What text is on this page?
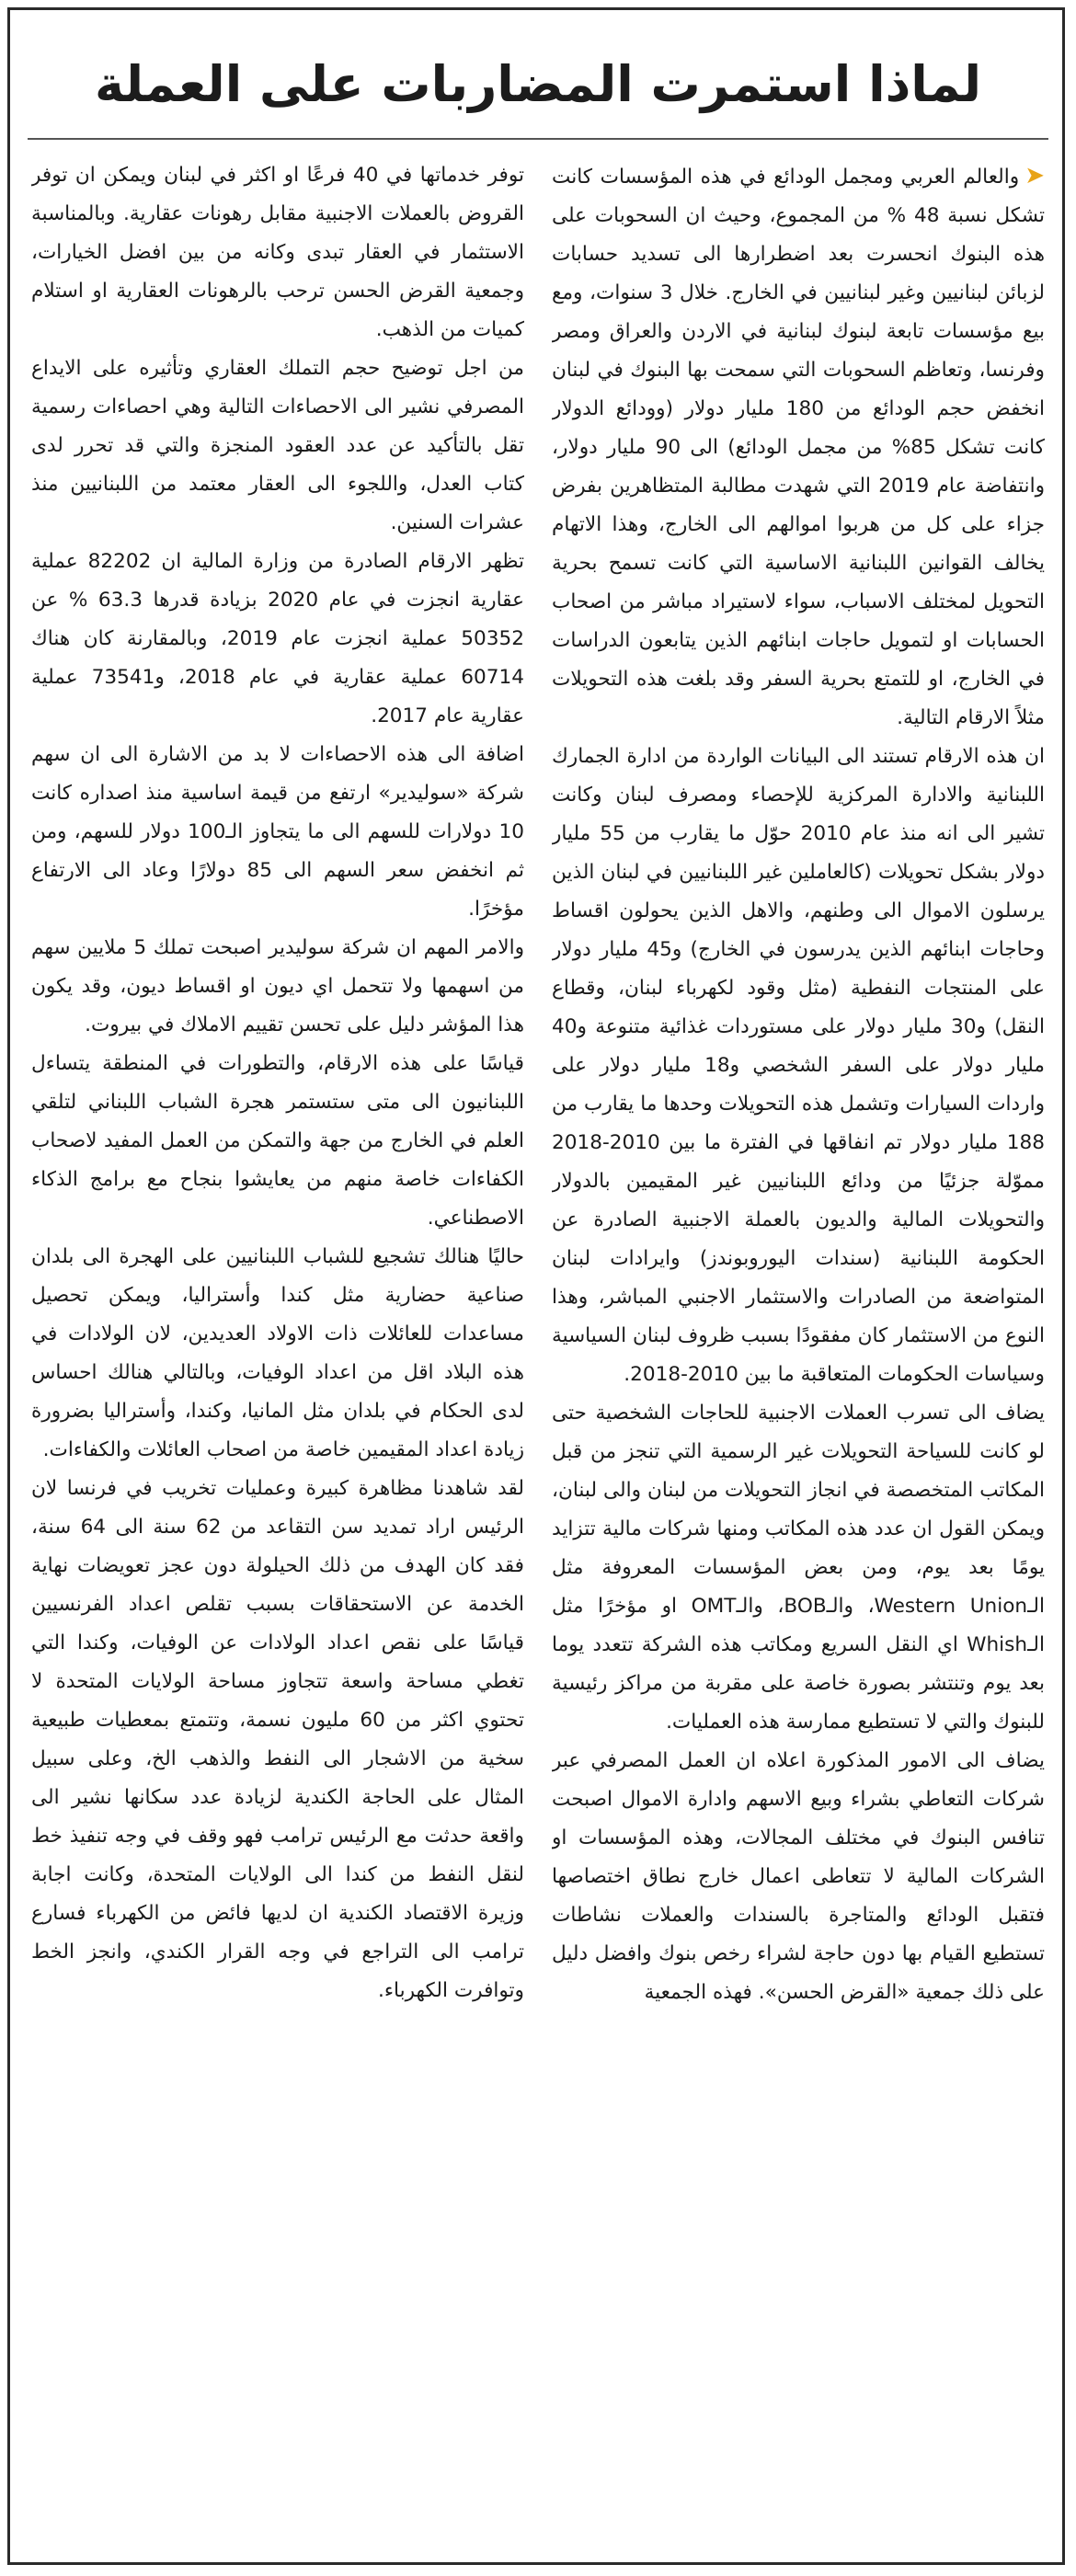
لماذا استمرت المضاربات على العملة

➤والعالم العربي ومجمل الودائع في هذه المؤسسات كانت تشكل نسبة 48 % من المجموع، وحيث ان السحوبات على هذه البنوك انحسرت بعد اضطرارها الى تسديد حسابات لزبائن لبنانيين وغير لبنانيين في الخارج. خلال 3 سنوات، ومع بيع مؤسسات تابعة لبنوك لبنانية في الاردن والعراق ومصر وفرنسا، وتعاظم السحوبات التي سمحت بها البنوك في لبنان انخفض حجم الودائع من 180 مليار دولار (وودائع الدولار كانت تشكل 85% من مجمل الودائع) الى 90 مليار دولار، وانتفاضة عام 2019 التي شهدت مطالبة المتظاهرين بفرض جزاء على كل من هربوا اموالهم الى الخارج، وهذا الاتهام يخالف القوانين اللبنانية الاساسية التي كانت تسمح بحرية التحويل لمختلف الاسباب، سواء لاستيراد مباشر من اصحاب الحسابات او لتمويل حاجات ابنائهم الذين يتابعون الدراسات في الخارج، او للتمتع بحرية السفر وقد بلغت هذه التحويلات مثلاً الارقام التالية.

ان هذه الارقام تستند الى البيانات الواردة من ادارة الجمارك اللبنانية والادارة المركزية للإحصاء ومصرف لبنان وكانت تشير الى انه منذ عام 2010 حوّل ما يقارب من 55 مليار دولار بشكل تحويلات (كالعاملين غير اللبنانيين في لبنان الذين يرسلون الاموال الى وطنهم، والاهل الذين يحولون اقساط وحاجات ابنائهم الذين يدرسون في الخارج) و45 مليار دولار على المنتجات النفطية (مثل وقود لكهرباء لبنان، وقطاع النقل) و30 مليار دولار على مستوردات غذائية متنوعة و40 مليار دولار على السفر الشخصي و18 مليار دولار على واردات السيارات وتشمل هذه التحويلات وحدها ما يقارب من 188 مليار دولار تم انفاقها في الفترة ما بين 2010-2018 مموّلة جزئيًا من ودائع اللبنانيين غير المقيمين بالدولار والتحويلات المالية والديون بالعملة الاجنبية الصادرة عن الحكومة اللبنانية (سندات اليوروبوندز) وايرادات لبنان المتواضعة من الصادرات والاستثمار الاجنبي المباشر، وهذا النوع من الاستثمار كان مفقودًا بسبب ظروف لبنان السياسية وسياسات الحكومات المتعاقبة ما بين 2010-2018.

يضاف الى تسرب العملات الاجنبية للحاجات الشخصية حتى لو كانت للسياحة التحويلات غير الرسمية التي تنجز من قبل المكاتب المتخصصة في انجاز التحويلات من لبنان والى لبنان، ويمكن القول ان عدد هذه المكاتب ومنها شركات مالية تتزايد يومًا بعد يوم، ومن بعض المؤسسات المعروفة مثل الـWestern Union، والـBOB، والـOMT او مؤخرًا مثل الـWhish اي النقل السريع ومكاتب هذه الشركة تتعدد يوما بعد يوم وتنتشر بصورة خاصة على مقربة من مراكز رئيسية للبنوك والتي لا تستطيع ممارسة هذه العمليات.

يضاف الى الامور المذكورة اعلاه ان العمل المصرفي عبر شركات التعاطي بشراء وبيع الاسهم وادارة الاموال اصبحت تنافس البنوك في مختلف المجالات، وهذه المؤسسات او الشركات المالية لا تتعاطى اعمال خارج نطاق اختصاصها فتقبل الودائع والمتاجرة بالسندات والعملات نشاطات تستطيع القيام بها دون حاجة لشراء رخص بنوك وافضل دليل على ذلك جمعية «القرض الحسن». فهذه الجمعية

توفر خدماتها في 40 فرعًا او اكثر في لبنان ويمكن ان توفر القروض بالعملات الاجنبية مقابل رهونات عقارية. وبالمناسبة الاستثمار في العقار تبدى وكانه من بين افضل الخيارات، وجمعية القرض الحسن ترحب بالرهونات العقارية او استلام كميات من الذهب.

من اجل توضيح حجم التملك العقاري وتأثيره على الايداع المصرفي نشير الى الاحصاءات التالية وهي احصاءات رسمية تقل بالتأكيد عن عدد العقود المنجزة والتي قد تحرر لدى كتاب العدل، واللجوء الى العقار معتمد من اللبنانيين منذ عشرات السنين.

تظهر الارقام الصادرة من وزارة المالية ان 82202 عملية عقارية انجزت في عام 2020 بزيادة قدرها 63.3 % عن 50352 عملية انجزت عام 2019، وبالمقارنة كان هناك 60714 عملية عقارية في عام 2018، و73541 عملية عقارية عام 2017.

اضافة الى هذه الاحصاءات لا بد من الاشارة الى ان سهم شركة «سوليدير» ارتفع من قيمة اساسية منذ اصداره كانت 10 دولارات للسهم الى ما يتجاوز الـ100 دولار للسهم، ومن ثم انخفض سعر السهم الى 85 دولارًا وعاد الى الارتفاع مؤخرًا.

والامر المهم ان شركة سوليدير اصبحت تملك 5 ملايين سهم من اسهمها ولا تتحمل اي ديون او اقساط ديون، وقد يكون هذا المؤشر دليل على تحسن تقييم الاملاك في بيروت.

قياسًا على هذه الارقام، والتطورات في المنطقة يتساءل اللبنانيون الى متى ستستمر هجرة الشباب اللبناني لتلقي العلم في الخارج من جهة والتمكن من العمل المفيد لاصحاب الكفاءات خاصة منهم من يعايشوا بنجاح مع برامج الذكاء الاصطناعي.

حاليًا هنالك تشجيع للشباب اللبنانيين على الهجرة الى بلدان صناعية حضارية مثل كندا وأستراليا، ويمكن تحصيل مساعدات للعائلات ذات الاولاد العديدين، لان الولادات في هذه البلاد اقل من اعداد الوفيات، وبالتالي هنالك احساس لدى الحكام في بلدان مثل المانيا، وكندا، وأستراليا بضرورة زيادة اعداد المقيمين خاصة من اصحاب العائلات والكفاءات.

لقد شاهدنا مظاهرة كبيرة وعمليات تخريب في فرنسا لان الرئيس اراد تمديد سن التقاعد من 62 سنة الى 64 سنة، فقد كان الهدف من ذلك الحيلولة دون عجز تعويضات نهاية الخدمة عن الاستحقاقات بسبب تقلص اعداد الفرنسيين قياسًا على نقص اعداد الولادات عن الوفيات، وكندا التي تغطي مساحة واسعة تتجاوز مساحة الولايات المتحدة لا تحتوي اكثر من 60 مليون نسمة، وتتمتع بمعطيات طبيعية سخية من الاشجار الى النفط والذهب الخ، وعلى سبيل المثال على الحاجة الكندية لزيادة عدد سكانها نشير الى واقعة حدثت مع الرئيس ترامب فهو وقف في وجه تنفيذ خط لنقل النفط من كندا الى الولايات المتحدة، وكانت اجابة وزيرة الاقتصاد الكندية ان لديها فائض من الكهرباء فسارع ترامب الى التراجع في وجه القرار الكندي، وانجز الخط وتوافرت الكهرباء.
